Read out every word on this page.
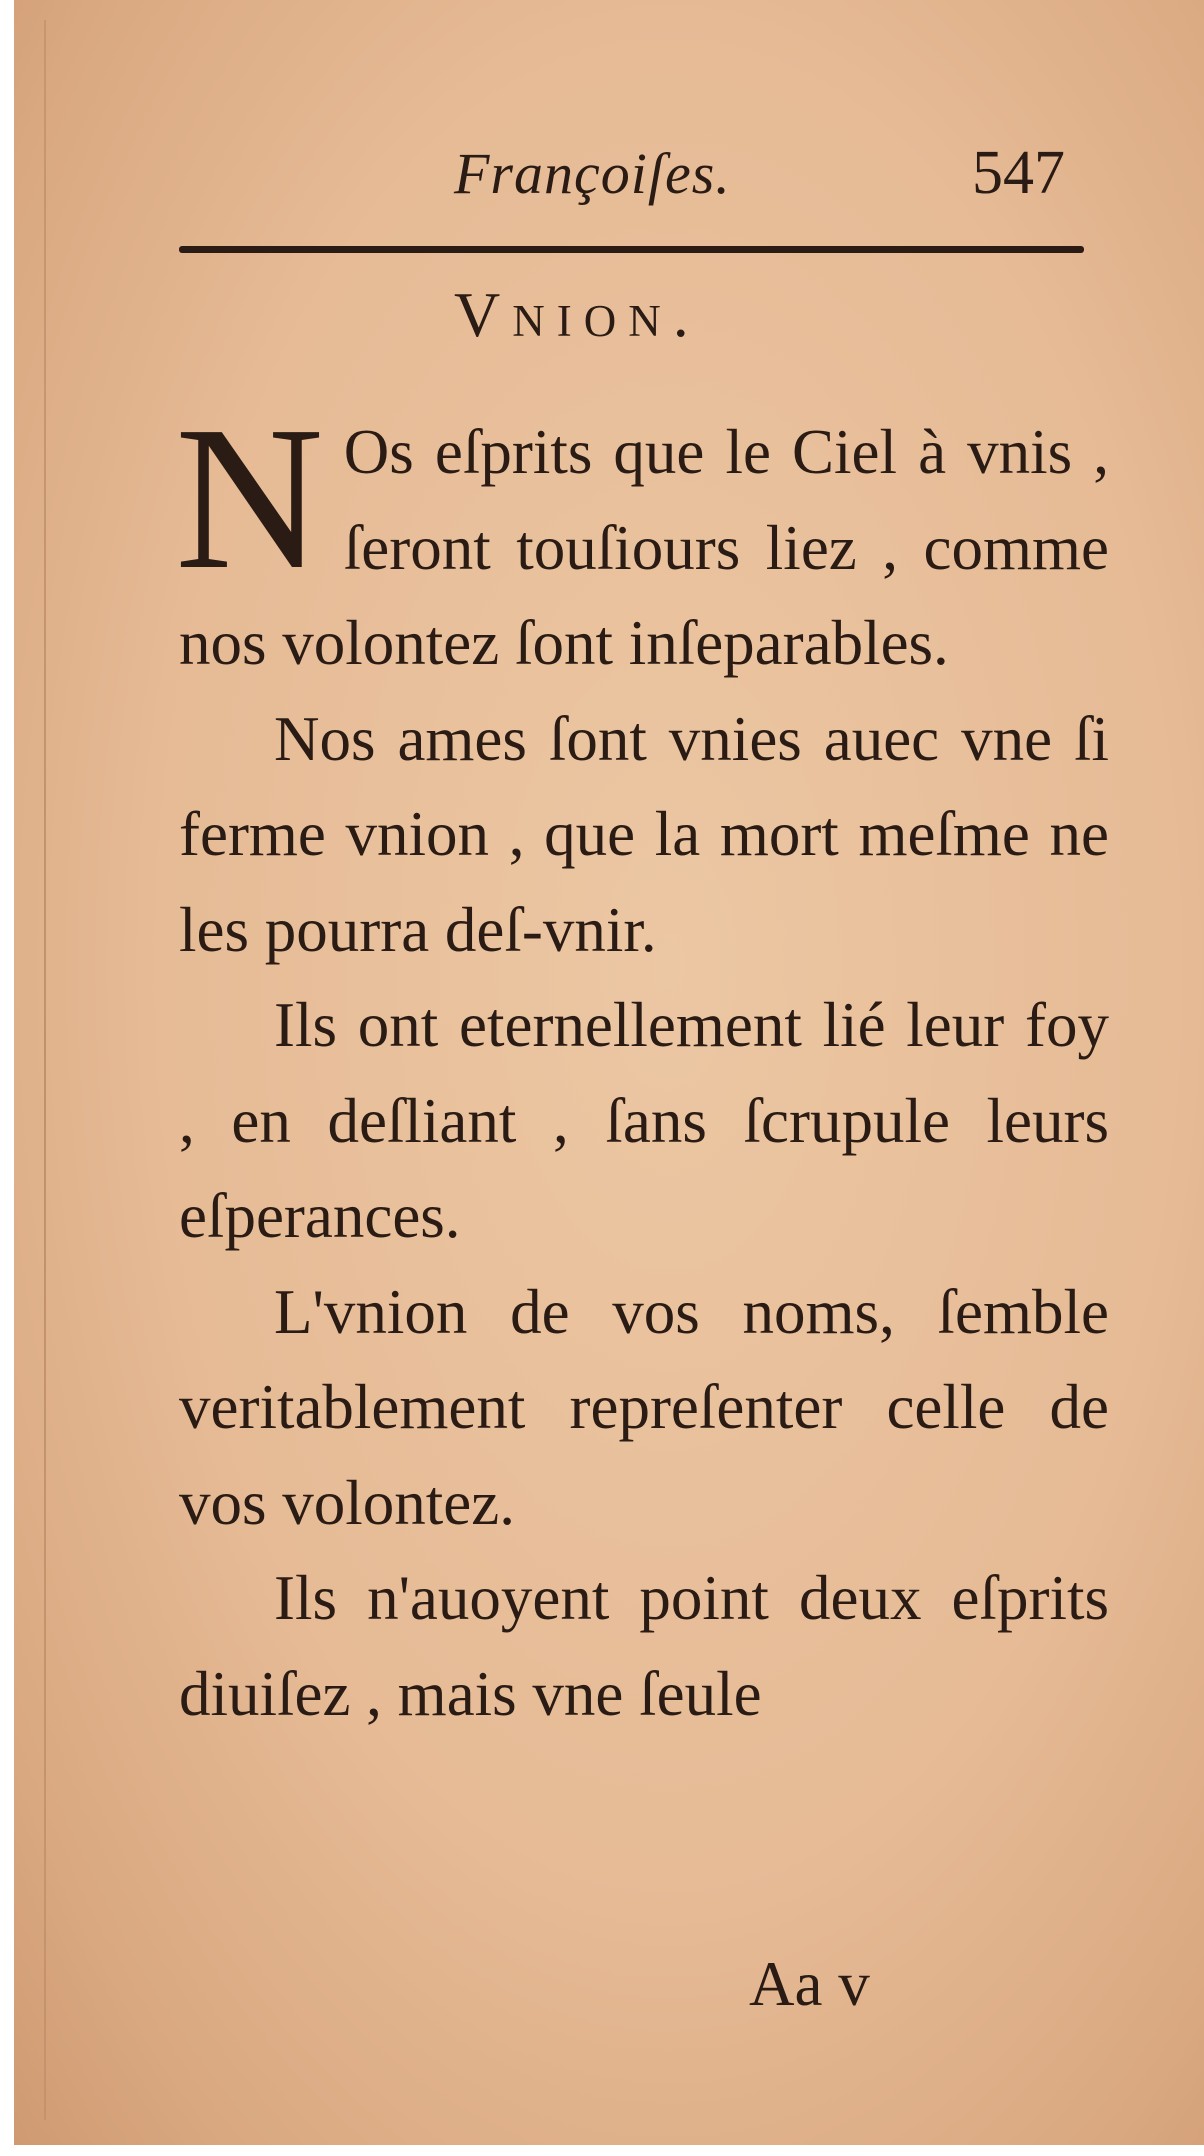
Françoiſes.	547
Vnion.

N Os eſprits que le Ciel à vnis , ſeront touſiours liez , comme nos volontez ſont inſeparables.

Nos ames ſont vnies auec vne ſi ferme vnion , que la mort meſme ne les pourra deſ-vnir.

Ils ont eternellement lié leur foy , en deſliant , ſans ſcrupule leurs eſperances.

L'vnion de vos noms, ſemble veritablement repreſenter celle de vos volontez.

Ils n'auoyent point deux eſprits diuiſez , mais vne ſeule

Aa v
